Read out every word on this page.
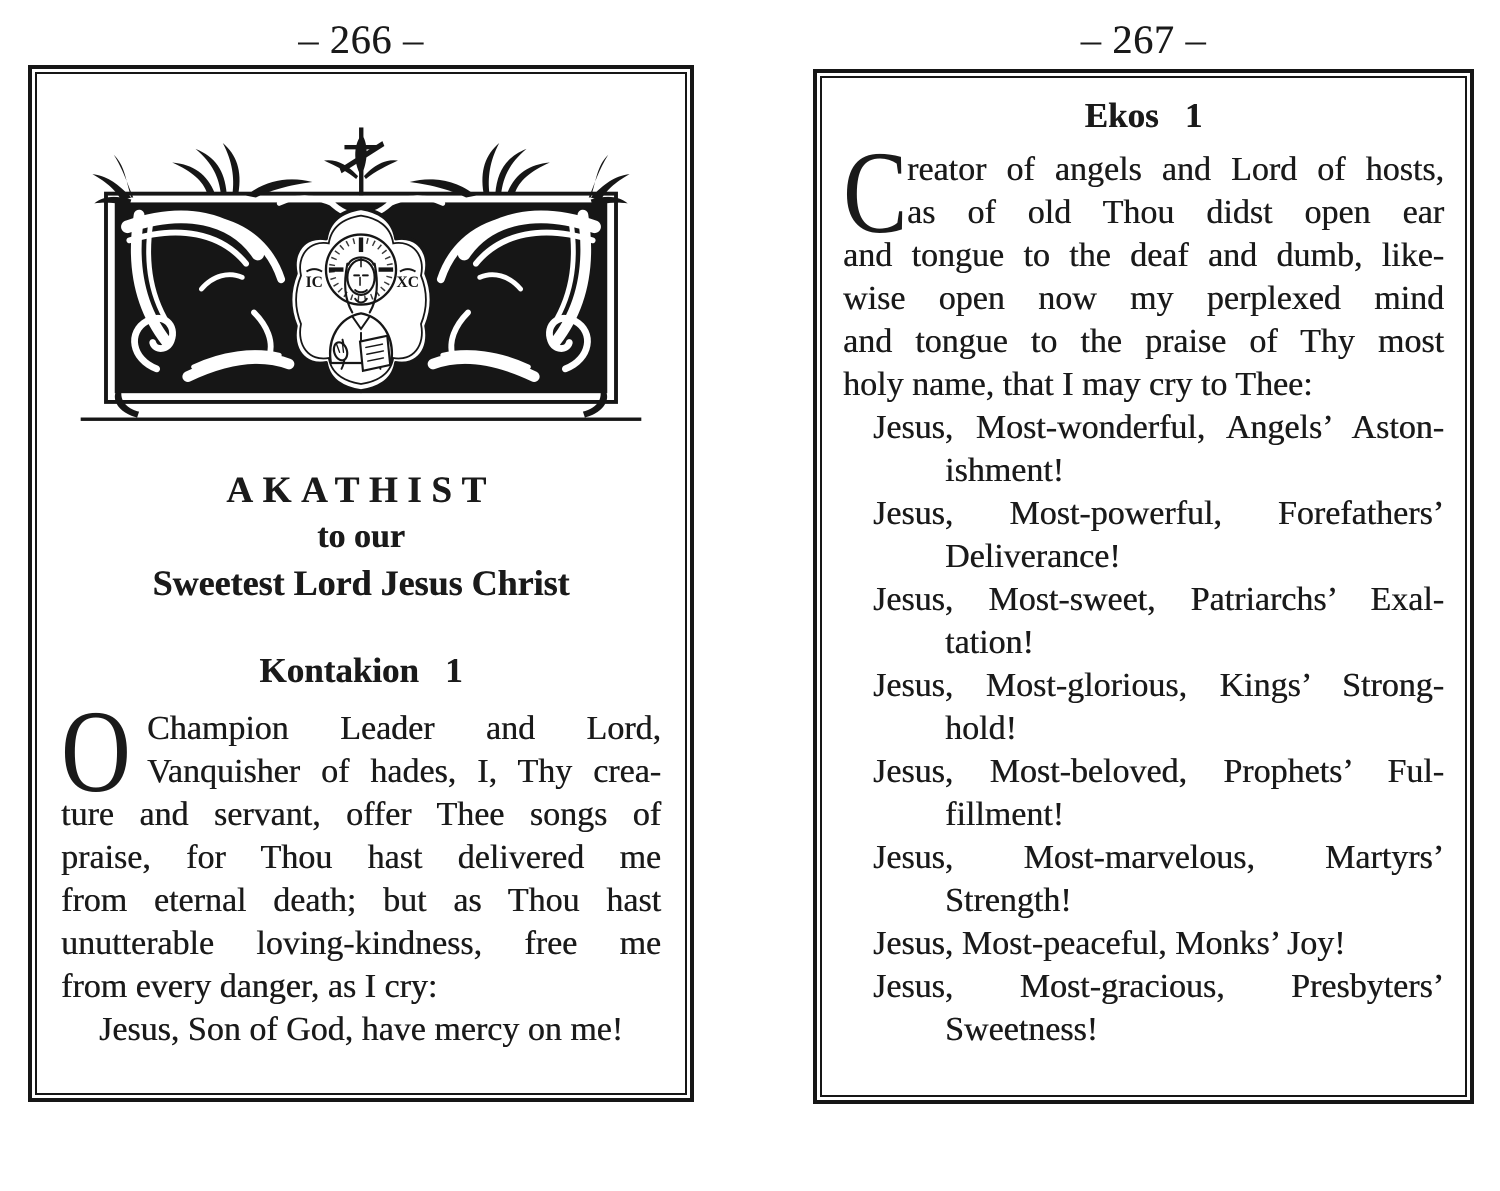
– 266 –	– 267 –
IC	XC
AKATHIST
to our
Sweetest Lord Jesus Christ
Kontakion 1
O Champion Leader and Lord,
Vanquisher of hades, I, Thy crea-
ture and servant, offer Thee songs of
praise, for Thou hast delivered me
from eternal death; but as Thou hast
unutterable loving-kindness, free me
from every danger, as I cry:
Jesus, Son of God, have mercy on me!
Ekos 1
C reator of angels and Lord of hosts,
as of old Thou didst open ear
and tongue to the deaf and dumb, like-
wise open now my perplexed mind
and tongue to the praise of Thy most
holy name, that I may cry to Thee:
Jesus, Most-wonderful, Angels’ Aston-
ishment!
Jesus, Most-powerful, Forefathers’
Deliverance!
Jesus, Most-sweet, Patriarchs’ Exal-
tation!
Jesus, Most-glorious, Kings’ Strong-
hold!
Jesus, Most-beloved, Prophets’ Ful-
fillment!
Jesus, Most-marvelous, Martyrs’
Strength!
Jesus, Most-peaceful, Monks’ Joy!
Jesus, Most-gracious, Presbyters’
Sweetness!
